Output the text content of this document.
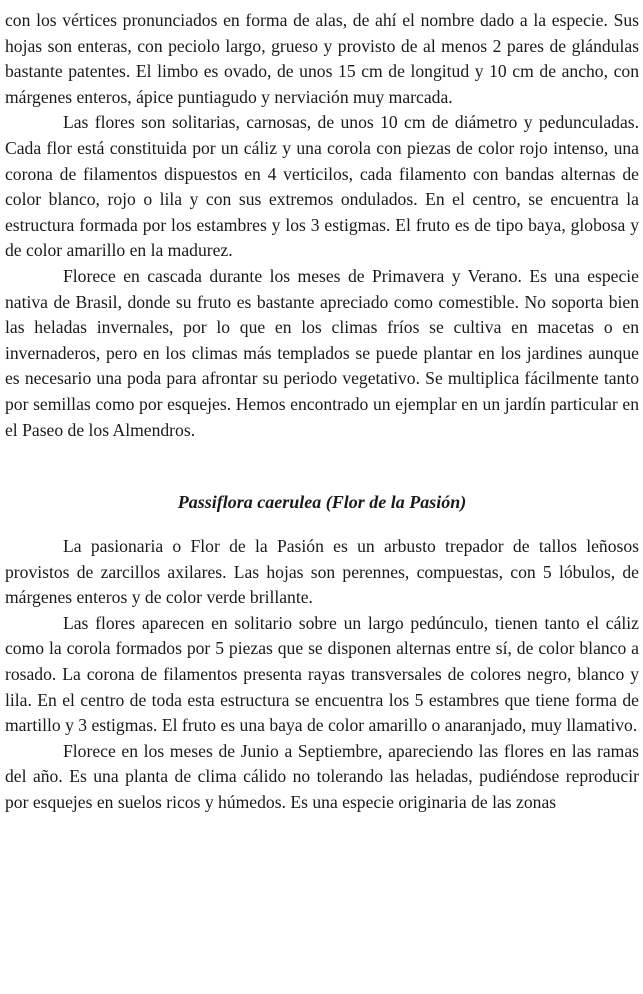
con los vértices pronunciados en forma de alas, de ahí el nombre dado a la especie. Sus hojas son enteras, con peciolo largo, grueso y provisto de al menos 2 pares de glándulas bastante patentes. El limbo es ovado, de unos 15 cm de longitud y 10 cm de ancho, con márgenes enteros, ápice puntiagudo y nerviación muy marcada.

Las flores son solitarias, carnosas, de unos 10 cm de diámetro y pedunculadas. Cada flor está constituida por un cáliz y una corola con piezas de color rojo intenso, una corona de filamentos dispuestos en 4 verticilos, cada filamento con bandas alternas de color blanco, rojo o lila y con sus extremos ondulados. En el centro, se encuentra la estructura formada por los estambres y los 3 estigmas. El fruto es de tipo baya, globosa y de color amarillo en la madurez.

Florece en cascada durante los meses de Primavera y Verano. Es una especie nativa de Brasil, donde su fruto es bastante apreciado como comestible. No soporta bien las heladas invernales, por lo que en los climas fríos se cultiva en macetas o en invernaderos, pero en los climas más templados se puede plantar en los jardines aunque es necesario una poda para afrontar su periodo vegetativo. Se multiplica fácilmente tanto por semillas como por esquejes. Hemos encontrado un ejemplar en un jardín particular en el Paseo de los Almendros.

Passiflora caerulea (Flor de la Pasión)

La pasionaria o Flor de la Pasión es un arbusto trepador de tallos leñosos provistos de zarcillos axilares. Las hojas son perennes, compuestas, con 5 lóbulos, de márgenes enteros y de color verde brillante.

Las flores aparecen en solitario sobre un largo pedúnculo, tienen tanto el cáliz como la corola formados por 5 piezas que se disponen alternas entre sí, de color blanco a rosado. La corona de filamentos presenta rayas transversales de colores negro, blanco y lila. En el centro de toda esta estructura se encuentra los 5 estambres que tiene forma de martillo y 3 estigmas. El fruto es una baya de color amarillo o anaranjado, muy llamativo.

Florece en los meses de Junio a Septiembre, apareciendo las flores en las ramas del año. Es una planta de clima cálido no tolerando las heladas, pudiéndose reproducir por esquejes en suelos ricos y húmedos. Es una especie originaria de las zonas
